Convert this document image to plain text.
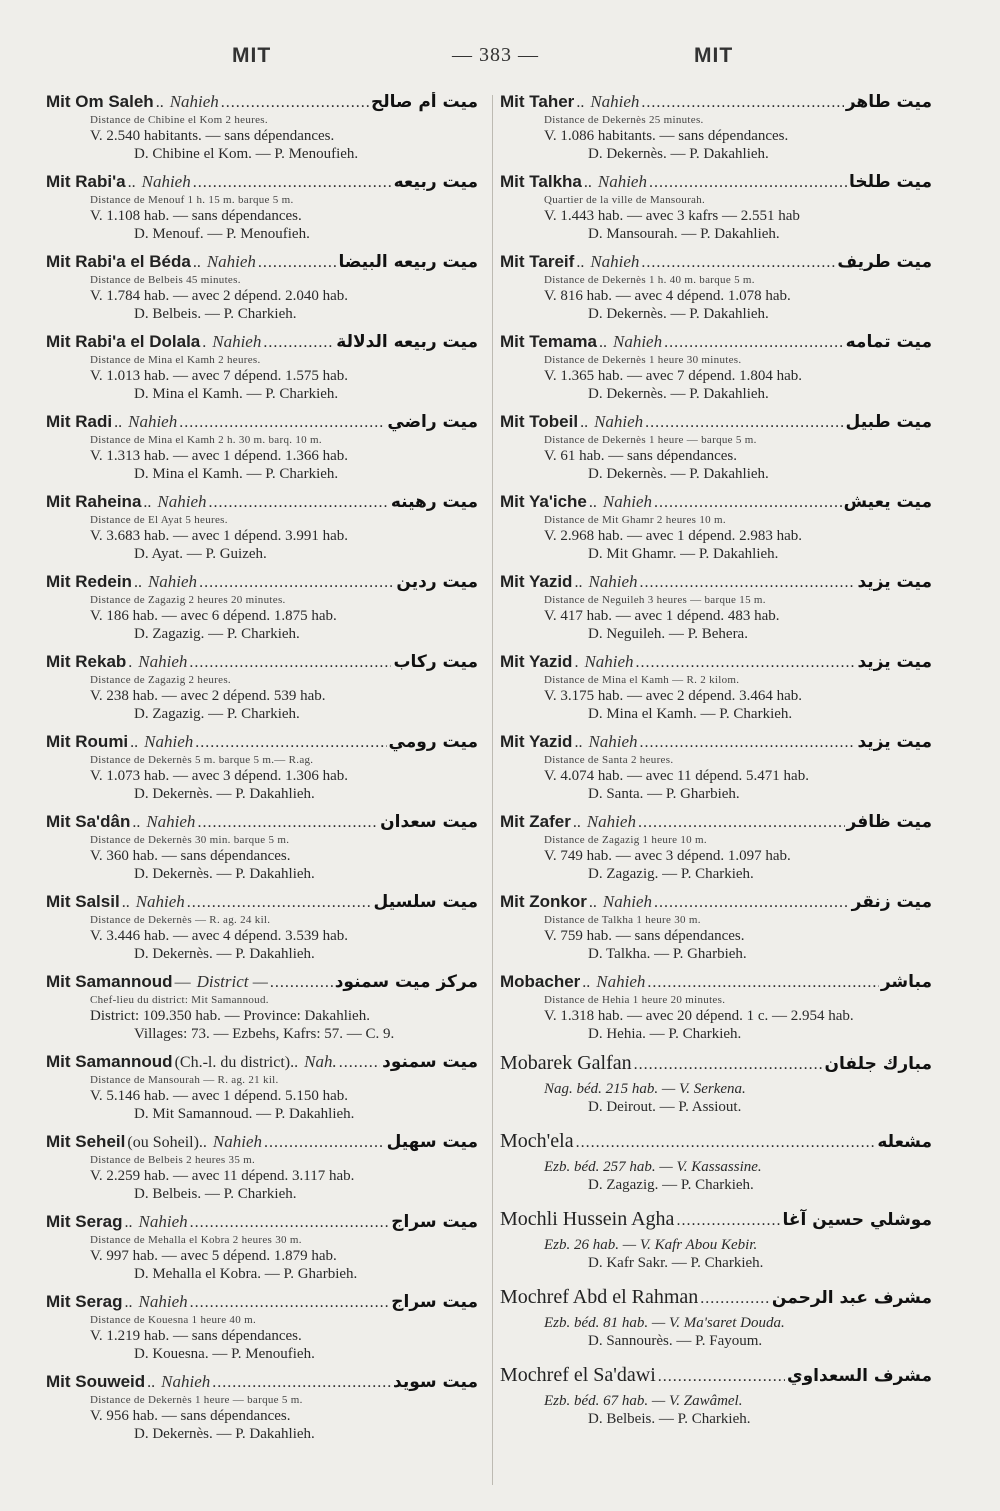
MIT	— 383 —	MIT
Mit Om Saleh .. Nahieh .....	ميت أم صالح
Distance de Chibine el Kom 2 heures.
V. 2.540 habitants. — sans dépendances.
D. Chibine el Kom. — P. Menoufieh.
Mit Rabi'a .. Nahieh .....	ميت ربيعه
Distance de Menouf 1 h. 15 m. barque 5 m.
V. 1.108 hab. — sans dépendances.
D. Menouf. — P. Menoufieh.
Mit Rabi'a el Béda .. Nahieh .....	ميت ربيعه البيضا
Distance de Belbeis 45 minutes.
V. 1.784 hab. — avec 2 dépend. 2.040 hab.
D. Belbeis. — P. Charkieh.
Mit Rabi'a el Dolala . Nahieh .....	ميت ربيعه الدلالة
Distance de Mina el Kamh 2 heures.
V. 1.013 hab. — avec 7 dépend. 1.575 hab.
D. Mina el Kamh. — P. Charkieh.
Mit Radi .. Nahieh .....	ميت راضي
Distance de Mina el Kamh 2 h. 30 m. barq. 10 m.
V. 1.313 hab. — avec 1 dépend. 1.366 hab.
D. Mina el Kamh. — P. Charkieh.
Mit Raheina .. Nahieh .....	ميت رهينه
Distance de El Ayat 5 heures.
V. 3.683 hab. — avec 1 dépend. 3.991 hab.
D. Ayat. — P. Guizeh.
Mit Redein .. Nahieh .....	ميت ردين
Distance de Zagazig 2 heures 20 minutes.
V. 186 hab. — avec 6 dépend. 1.875 hab.
D. Zagazig. — P. Charkieh.
Mit Rekab . Nahieh .....	ميت ركاب
Distance de Zagazig 2 heures.
V. 238 hab. — avec 2 dépend. 539 hab.
D. Zagazig. — P. Charkieh.
Mit Roumi .. Nahieh .....	ميت رومي
Distance de Dekernès 5 m. barque 5 m.— R.ag.
V. 1.073 hab. — avec 3 dépend. 1.306 hab.
D. Dekernès. — P. Dakahlieh.
Mit Sa'dân .. Nahieh .....	ميت سعدان
Distance de Dekernès 30 min. barque 5 m.
V. 360 hab. — sans dépendances.
D. Dekernès. — P. Dakahlieh.
Mit Salsil .. Nahieh .....	ميت سلسيل
Distance de Dekernès — R. ag. 24 kil.
V. 3.446 hab. — avec 4 dépend. 3.539 hab.
D. Dekernès. — P. Dakahlieh.
Mit Samannoud — District — .....	مركز ميت سمنود
Chef-lieu du district: Mit Samannoud.
District: 109.350 hab. — Province: Dakahlieh.
Villages: 73. — Ezbehs, Kafrs: 57. — C. 9.
Mit Samannoud (Ch.-l. du district).. Nah. .....	ميت سمنود
Distance de Mansourah — R. ag. 21 kil.
V. 5.146 hab. — avec 1 dépend. 5.150 hab.
D. Mit Samannoud. — P. Dakahlieh.
Mit Seheil (ou Soheil).. Nahieh .....	ميت سهيل
Distance de Belbeis 2 heures 35 m.
V. 2.259 hab. — avec 11 dépend. 3.117 hab.
D. Belbeis. — P. Charkieh.
Mit Serag .. Nahieh .....	ميت سراج
Distance de Mehalla el Kobra 2 heures 30 m.
V. 997 hab. — avec 5 dépend. 1.879 hab.
D. Mehalla el Kobra. — P. Gharbieh.
Mit Serag .. Nahieh .....	ميت سراج
Distance de Kouesna 1 heure 40 m.
V. 1.219 hab. — sans dépendances.
D. Kouesna. — P. Menoufieh.
Mit Souweid .. Nahieh .....	ميت سويد
Distance de Dekernès 1 heure — barque 5 m.
V. 956 hab. — sans dépendances.
D. Dekernès. — P. Dakahlieh.
Mit Taher .. Nahieh .....	ميت طاهر
Distance de Dekernès 25 minutes.
V. 1.086 habitants. — sans dépendances.
D. Dekernès. — P. Dakahlieh.
Mit Talkha .. Nahieh .....	ميت طلخا
Quartier de la ville de Mansourah.
V. 1.443 hab. — avec 3 kafrs — 2.551 hab
D. Mansourah. — P. Dakahlieh.
Mit Tareif .. Nahieh .....	ميت طريف
Distance de Dekernès 1 h. 40 m. barque 5 m.
V. 816 hab. — avec 4 dépend. 1.078 hab.
D. Dekernès. — P. Dakahlieh.
Mit Temama .. Nahieh .....	ميت تمامه
Distance de Dekernès 1 heure 30 minutes.
V. 1.365 hab. — avec 7 dépend. 1.804 hab.
D. Dekernès. — P. Dakahlieh.
Mit Tobeil .. Nahieh .....	ميت طبيل
Distance de Dekernès 1 heure — barque 5 m.
V. 61 hab. — sans dépendances.
D. Dekernès. — P. Dakahlieh.
Mit Ya'iche .. Nahieh .....	ميت يعيش
Distance de Mit Ghamr 2 heures 10 m.
V. 2.968 hab. — avec 1 dépend. 2.983 hab.
D. Mit Ghamr. — P. Dakahlieh.
Mit Yazid .. Nahieh .....	ميت يزيد
Distance de Neguileh 3 heures — barque 15 m.
V. 417 hab. — avec 1 dépend. 483 hab.
D. Neguileh. — P. Behera.
Mit Yazid . Nahieh .....	ميت يزيد
Distance de Mina el Kamh — R. 2 kilom.
V. 3.175 hab. — avec 2 dépend. 3.464 hab.
D. Mina el Kamh. — P. Charkieh.
Mit Yazid .. Nahieh .....	ميت يزيد
Distance de Santa 2 heures.
V. 4.074 hab. — avec 11 dépend. 5.471 hab.
D. Santa. — P. Gharbieh.
Mit Zafer .. Nahieh .....	ميت ظافر
Distance de Zagazig 1 heure 10 m.
V. 749 hab. — avec 3 dépend. 1.097 hab.
D. Zagazig. — P. Charkieh.
Mit Zonkor .. Nahieh .....	ميت زنقر
Distance de Talkha 1 heure 30 m.
V. 759 hab. — sans dépendances.
D. Talkha. — P. Gharbieh.
Mobacher .. Nahieh .....	مباشر
Distance de Hehia 1 heure 20 minutes.
V. 1.318 hab. — avec 20 dépend. 1 c. — 2.954 hab.
D. Hehia. — P. Charkieh.
Mobarek Galfan .....	مبارك جلفان
Nag. béd. 215 hab. — V. Serkena.
D. Deirout. — P. Assiout.
Moch'ela .....	مشعله
Ezb. béd. 257 hab. — V. Kassassine.
D. Zagazig. — P. Charkieh.
Mochli Hussein Agha .....	موشلي حسين آغا
Ezb. 26 hab. — V. Kafr Abou Kebir.
D. Kafr Sakr. — P. Charkieh.
Mochref Abd el Rahman .....	مشرف عبد الرحمن
Ezb. béd. 81 hab. — V. Ma'saret Douda.
D. Sannourès. — P. Fayoum.
Mochref el Sa'dawi .....	مشرف السعداوي
Ezb. béd. 67 hab. — V. Zawâmel.
D. Belbeis. — P. Charkieh.
